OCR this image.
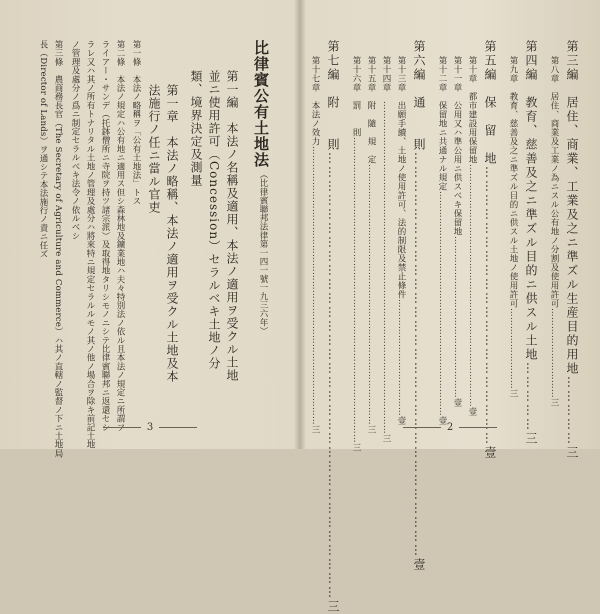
比律賓公有土地法
（比律賓聯邦法律第一四一號一九三六年）
第一編　本法ノ名稱及適用、本法ノ適用ヲ受クル土地
並ニ使用許可（Concession）セラルベキ土地ノ分
類、境界決定及測量
第一章　本法ノ略稱、本法ノ適用ヲ受クル土地及本
法施行ノ任ニ當ル官吏
第一條　本法ノ略稱ヲ「公有土地法」トス
第二條　本法ノ規定ハ公有地ニ適用ス但シ森林地及鑛業地ハ夫々特別法ノ依ル且本法ノ規定ニ所謂フ
ライアー・サンデ（托鉢僧所ニ寺院ヲ持ツ諸宗派）及取得地タリシモノニシテ比律賓聯邦ニ返還セシ
ラレ又ハ其ノ所有トナリタル土地ノ管理及處分ハ將來特ニ規定セラルルモノ其ノ他ノ場合ヲ除キ前記土地
ノ管理及處分ノ爲ニ制定セラルベキ法令ノ依ルベシ
第三條　農商務長官（The Secretary of Agriculture and Commerce）ハ其ノ直轄ノ監督ノ下ニ土地局
長（Director of Lands）ヲ通シテ本法施行ノ責ニ任ズ
3	第三編　居住、商業、工業及之ニ準ズル生産目的用地……………三
第八章　居住、商業及工業ノ為ニスル公有地ノ分割及使用許可…………………………三
第四編　教育、慈善及之ニ準ズル目的ニ供スル土地……………三
第九章　教育、慈善及之ニ準ズル目的ニ供スル土地ノ使用許可………………………三
第五編　保　留　地……………………………………………………壹
第十章　都市建設用保留地………………………………………………………………………壹
第十一章　公用又ハ準公用ニ供スベキ保留地………………………………………………壹
第十二章　保留地ニ共通ナル規定…………………………………………………………………壹
第六編　通　　則……………………………………………………………………………壹
第十三章　出願手續、土地ノ使用許可、法的制限及禁止條件…………………………………壹
第十四章　…………………………………………………………………………………………………三
第十五章　附　隨　規　定……………………………………………………………………………三
第十六章　罰　　則…………………………………………………………………………………………三
第七編　附　　則……………………………………………………………………………………三
第十七章　本法ノ效力…………………………………………………………………………………三	2
